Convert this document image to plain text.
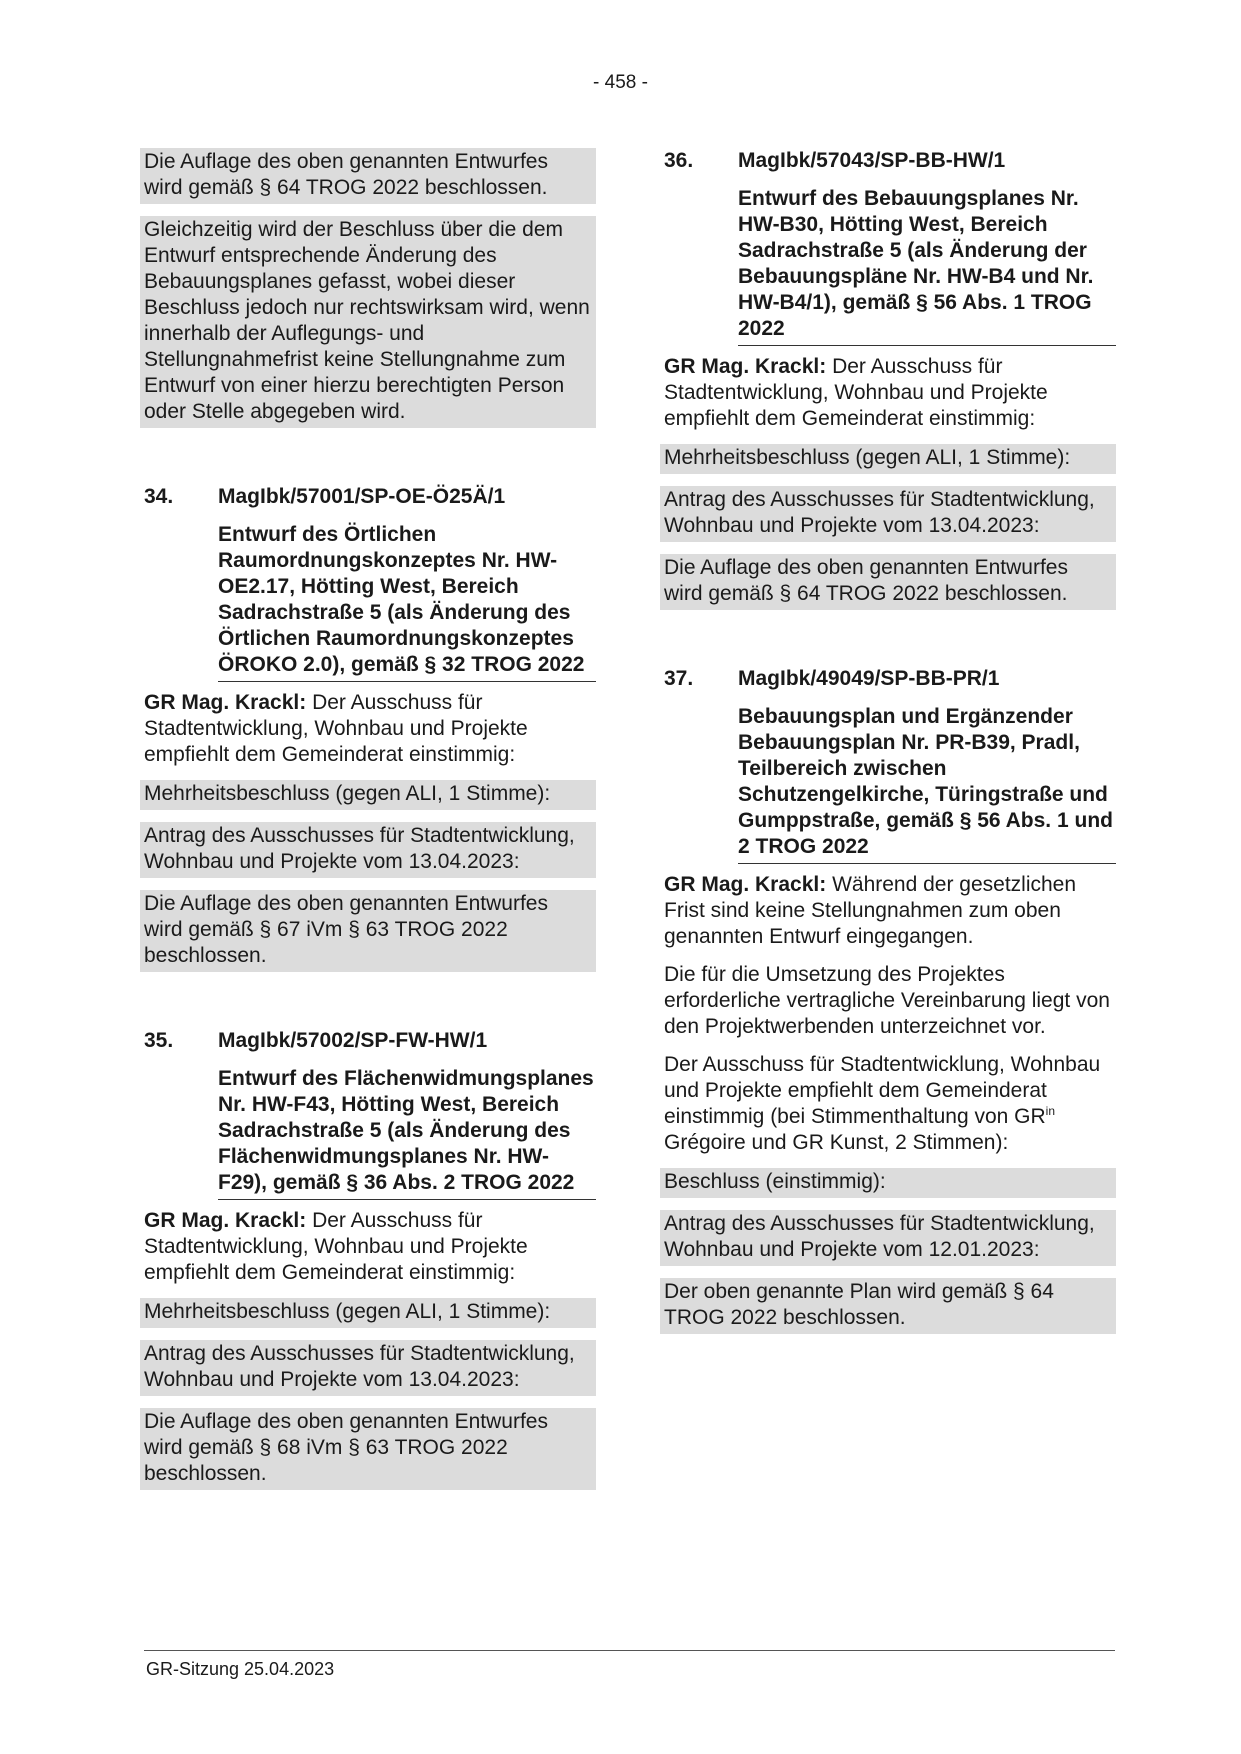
- 458 -

Die Auflage des oben genannten Entwurfes wird gemäß § 64 TROG 2022 beschlossen.

Gleichzeitig wird der Beschluss über die dem Entwurf entsprechende Änderung des Bebauungsplanes gefasst, wobei dieser Beschluss jedoch nur rechtswirksam wird, wenn innerhalb der Auflegungs- und Stellungnahmefrist keine Stellungnahme zum Entwurf von einer hierzu berechtigten Person oder Stelle abgegeben wird.

34.	MagIbk/57001/SP-OE-Ö25Ä/1
Entwurf des Örtlichen Raumordnungskonzeptes Nr. HW-OE2.17, Hötting West, Bereich Sadrachstraße 5 (als Änderung des Örtlichen Raumordnungskonzeptes ÖROKO 2.0), gemäß § 32 TROG 2022

GR Mag. Krackl: Der Ausschuss für Stadtentwicklung, Wohnbau und Projekte empfiehlt dem Gemeinderat einstimmig:

Mehrheitsbeschluss (gegen ALI, 1 Stimme):

Antrag des Ausschusses für Stadtentwicklung, Wohnbau und Projekte vom 13.04.2023:

Die Auflage des oben genannten Entwurfes wird gemäß § 67 iVm § 63 TROG 2022 beschlossen.

35.	MagIbk/57002/SP-FW-HW/1
Entwurf des Flächenwidmungsplanes Nr. HW-F43, Hötting West, Bereich Sadrachstraße 5 (als Änderung des Flächenwidmungsplanes Nr. HW-F29), gemäß § 36 Abs. 2 TROG 2022

GR Mag. Krackl: Der Ausschuss für Stadtentwicklung, Wohnbau und Projekte empfiehlt dem Gemeinderat einstimmig:

Mehrheitsbeschluss (gegen ALI, 1 Stimme):

Antrag des Ausschusses für Stadtentwicklung, Wohnbau und Projekte vom 13.04.2023:

Die Auflage des oben genannten Entwurfes wird gemäß § 68 iVm § 63 TROG 2022 beschlossen.

36.	MagIbk/57043/SP-BB-HW/1
Entwurf des Bebauungsplanes Nr. HW-B30, Hötting West, Bereich Sadrachstraße 5 (als Änderung der Bebauungspläne Nr. HW-B4 und Nr. HW-B4/1), gemäß § 56 Abs. 1 TROG 2022

GR Mag. Krackl: Der Ausschuss für Stadtentwicklung, Wohnbau und Projekte empfiehlt dem Gemeinderat einstimmig:

Mehrheitsbeschluss (gegen ALI, 1 Stimme):

Antrag des Ausschusses für Stadtentwicklung, Wohnbau und Projekte vom 13.04.2023:

Die Auflage des oben genannten Entwurfes wird gemäß § 64 TROG 2022 beschlossen.

37.	MagIbk/49049/SP-BB-PR/1
Bebauungsplan und Ergänzender Bebauungsplan Nr. PR-B39, Pradl, Teilbereich zwischen Schutzengelkirche, Türingstraße und Gumppstraße, gemäß § 56 Abs. 1 und 2 TROG 2022

GR Mag. Krackl: Während der gesetzlichen Frist sind keine Stellungnahmen zum oben genannten Entwurf eingegangen.

Die für die Umsetzung des Projektes erforderliche vertragliche Vereinbarung liegt von den Projektwerbenden unterzeichnet vor.

Der Ausschuss für Stadtentwicklung, Wohnbau und Projekte empfiehlt dem Gemeinderat einstimmig (bei Stimmenthaltung von $GR^{in}$ Grégoire und GR Kunst, 2 Stimmen):

Beschluss (einstimmig):

Antrag des Ausschusses für Stadtentwicklung, Wohnbau und Projekte vom 12.01.2023:

Der oben genannte Plan wird gemäß § 64 TROG 2022 beschlossen.

GR-Sitzung 25.04.2023
